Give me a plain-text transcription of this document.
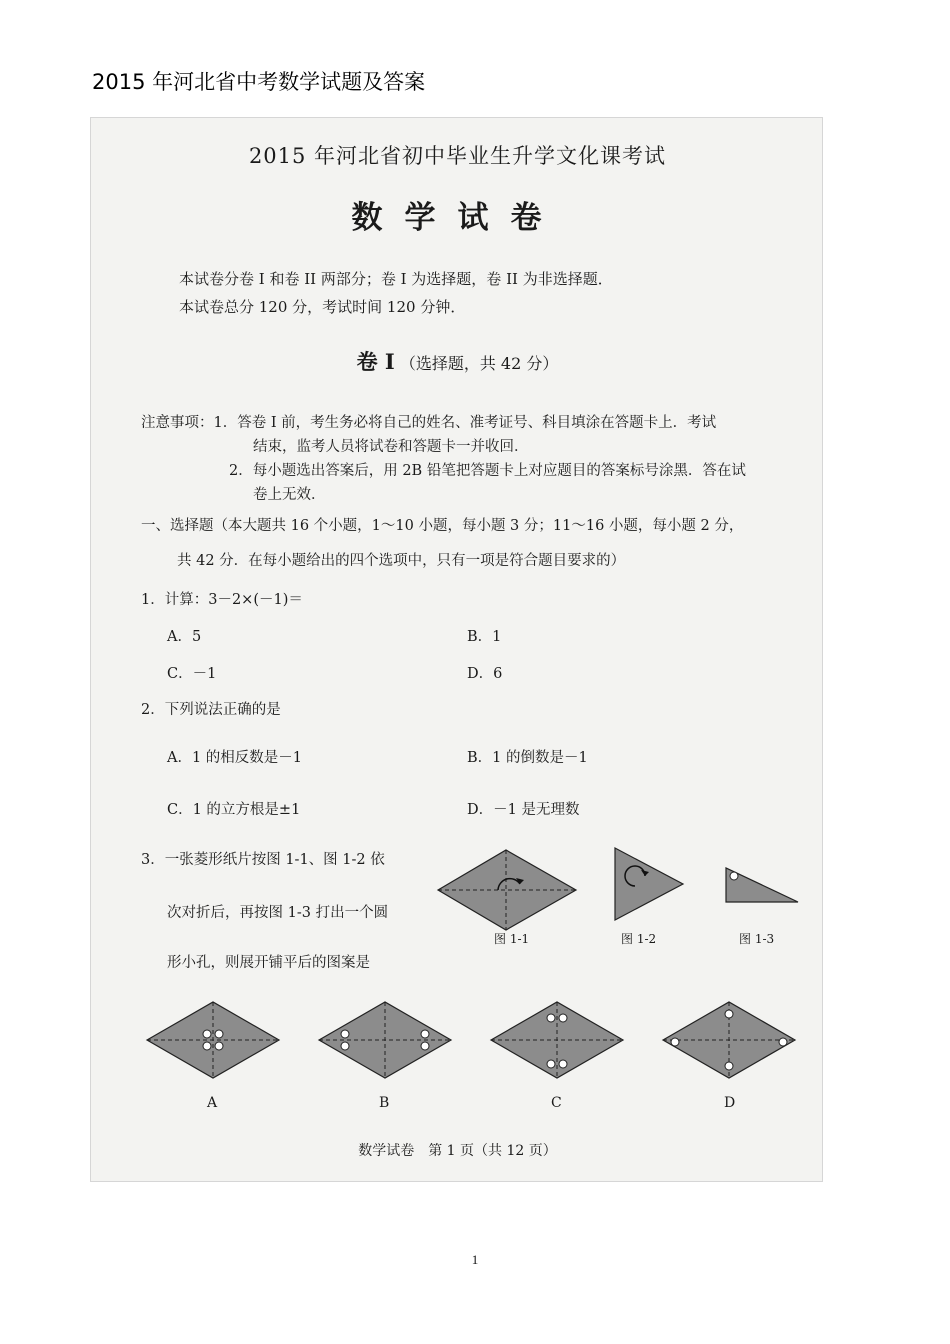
2015 年河北省中考数学试题及答案
2015 年河北省初中毕业生升学文化课考试
数学试卷
本试卷分卷 I 和卷 II 两部分；卷 I 为选择题，卷 II 为非选择题．
本试卷总分 120 分，考试时间 120 分钟．
卷 I （选择题，共 42 分）
注意事项：1．答卷 I 前，考生务必将自己的姓名、准考证号、科目填涂在答题卡上．考试
结束，监考人员将试卷和答题卡一并收回．
2．每小题选出答案后，用 2B 铅笔把答题卡上对应题目的答案标号涂黑．答在试
卷上无效．
一、选择题（本大题共 16 个小题，1～10 小题，每小题 3 分；11～16 小题，每小题 2 分，
共 42 分．在每小题给出的四个选项中，只有一项是符合题目要求的）
1．计算：3－2×(－1)＝
A．5	B．1
C．－1	D．6
2．下列说法正确的是
A．1 的相反数是－1	B．1 的倒数是－1
C．1 的立方根是±1	D．－1 是无理数
3．一张菱形纸片按图 1-1、图 1-2 依
次对折后，再按图 1-3 打出一个圆
形小孔，则展开铺平后的图案是
图 1-1	图 1-2	图 1-3
A	B	C	D
数学试卷　第 1 页（共 12 页）
1
